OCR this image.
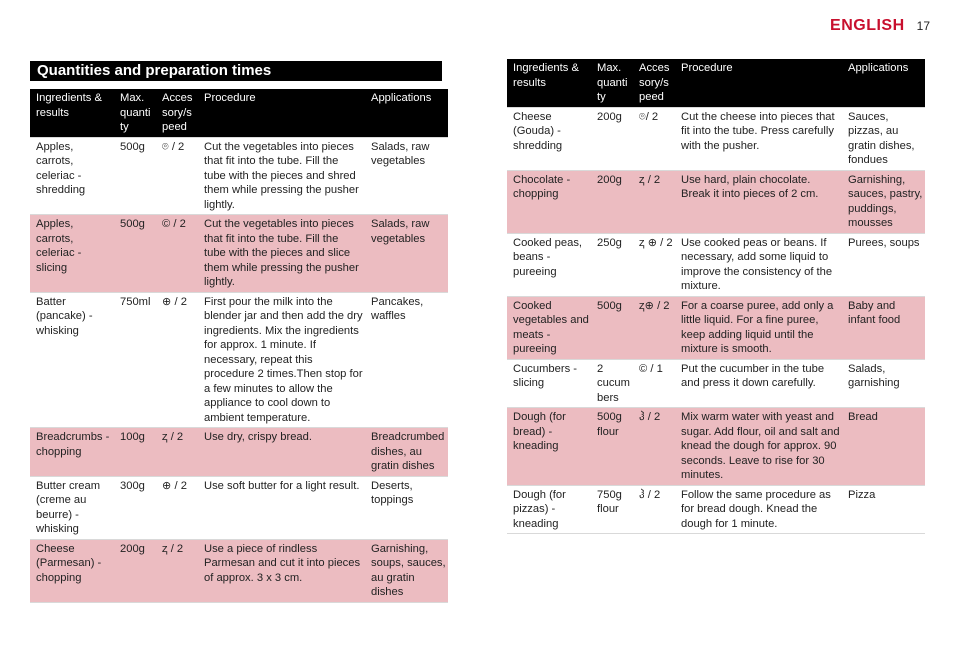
ENGLISH 17
Quantities and preparation times
Ingredients & results	Max. quanti ty	Acces sory/s peed	Procedure	Applications
Apples, carrots, celeriac - shredding	500g	⌾ / 2	Cut the vegetables into pieces that fit into the tube. Fill the tube with the pieces and shred them while pressing the pusher lightly.	Salads, raw vegetables
Apples, carrots, celeriac - slicing	500g	© / 2	Cut the vegetables into pieces that fit into the tube. Fill the tube with the pieces and slice them while pressing the pusher lightly.	Salads, raw vegetables
Batter (pancake) - whisking	750ml	⊕ / 2	First pour the milk into the blender jar and then add the dry ingredients. Mix the ingredients for approx. 1 minute. If necessary, repeat this procedure 2 times.Then stop for a few minutes to allow the appliance to cool down to ambient temperature.	Pancakes, waffles
Breadcrumbs - chopping	100g	ⱬ / 2	Use dry, crispy bread.	Breadcrumbed dishes, au gratin dishes
Butter cream (creme au beurre) - whisking	300g	⊕ / 2	Use soft butter for a light result.	Deserts, toppings
Cheese (Parmesan) - chopping	200g	ⱬ / 2	Use a piece of rindless Parmesan and cut it into pieces of approx. 3 x 3 cm.	Garnishing, soups, sauces, au gratin dishes
Ingredients & results	Max. quanti ty	Acces sory/s peed	Procedure	Applications
Cheese (Gouda) - shredding	200g	⌾/ 2	Cut the cheese into pieces that fit into the tube. Press carefully with the pusher.	Sauces, pizzas, au gratin dishes, fondues
Chocolate - chopping	200g	ⱬ / 2	Use hard, plain chocolate. Break it into pieces of 2 cm.	Garnishing, sauces, pastry, puddings, mousses
Cooked peas, beans - pureeing	250g	ⱬ ⊕ / 2	Use cooked peas or beans. If necessary, add some liquid to improve the consistency of the mixture.	Purees, soups
Cooked vegetables and meats - pureeing	500g	ⱬ⊕ / 2	For a coarse puree, add only a little liquid. For a fine puree, keep adding liquid until the mixture is smooth.	Baby and infant food
Cucumbers - slicing	2 cucum bers	© / 1	Put the cucumber in the tube and press it down carefully.	Salads, garnishing
Dough (for bread) - kneading	500g flour	ჰ / 2	Mix warm water with yeast and sugar. Add flour, oil and salt and knead the dough for approx. 90 seconds. Leave to rise for 30 minutes.	Bread
Dough (for pizzas) - kneading	750g flour	ჰ / 2	Follow the same procedure as for bread dough. Knead the dough for 1 minute.	Pizza
